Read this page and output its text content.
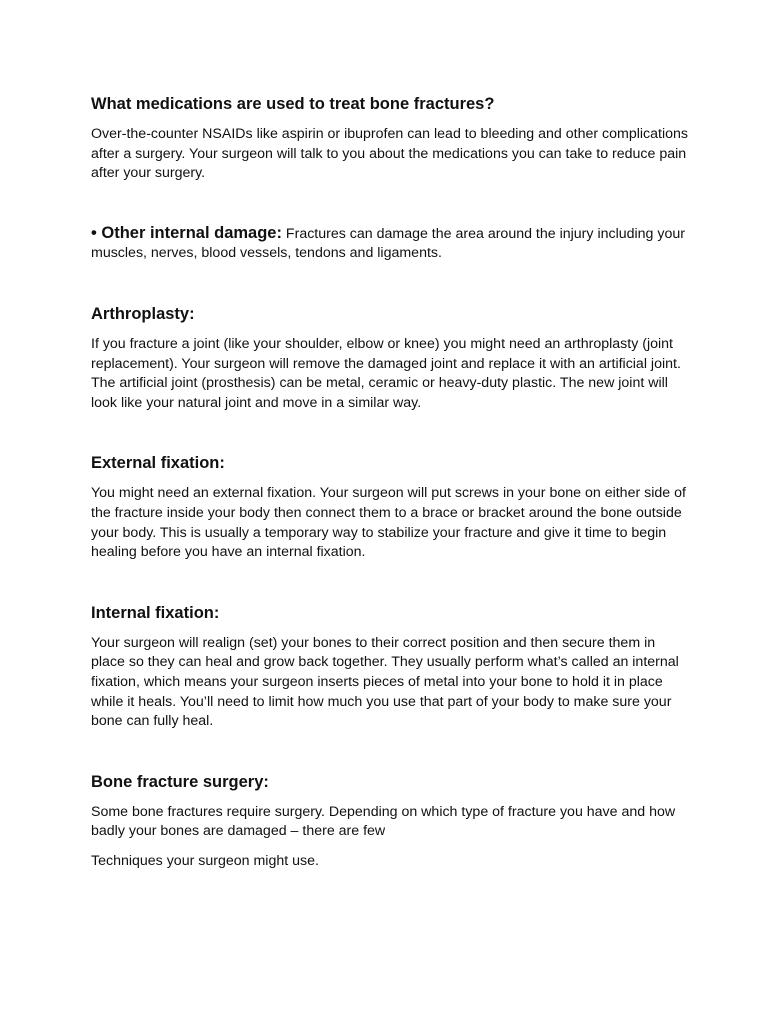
What medications are used to treat bone fractures?

Over-the-counter NSAIDs like aspirin or ibuprofen can lead to bleeding and other complications after a surgery. Your surgeon will talk to you about the medications you can take to reduce pain after your surgery.

• Other internal damage: Fractures can damage the area around the injury including your muscles, nerves, blood vessels, tendons and ligaments.

Arthroplasty:

If you fracture a joint (like your shoulder, elbow or knee) you might need an arthroplasty (joint replacement). Your surgeon will remove the damaged joint and replace it with an artificial joint. The artificial joint (prosthesis) can be metal, ceramic or heavy-duty plastic. The new joint will look like your natural joint and move in a similar way.

External fixation:

You might need an external fixation. Your surgeon will put screws in your bone on either side of the fracture inside your body then connect them to a brace or bracket around the bone outside your body. This is usually a temporary way to stabilize your fracture and give it time to begin healing before you have an internal fixation.

Internal fixation:

Your surgeon will realign (set) your bones to their correct position and then secure them in place so they can heal and grow back together. They usually perform what’s called an internal fixation, which means your surgeon inserts pieces of metal into your bone to hold it in place while it heals. You’ll need to limit how much you use that part of your body to make sure your bone can fully heal.

Bone fracture surgery:

Some bone fractures require surgery. Depending on which type of fracture you have and how badly your bones are damaged – there are few

Techniques your surgeon might use.
